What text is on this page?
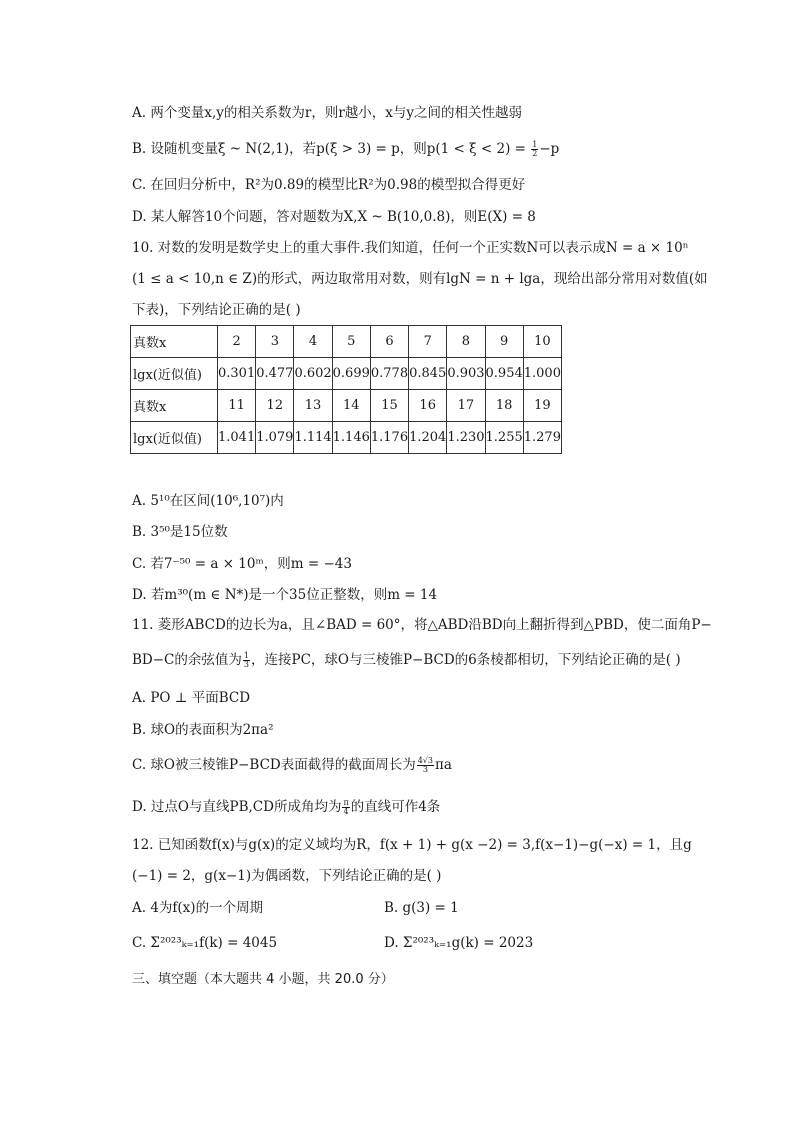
A. 两个变量x,y的相关系数为r，则r越小，x与y之间的相关性越弱
B. 设随机变量ξ ~ N(2,1)，若p(ξ > 3) = p，则$p(1 < \xi < 2) = \frac{1}{2} -p$
C. 在回归分析中，R²为0.89的模型比R²为0.98的模型拟合得更好
D. 某人解答10个问题，答对题数为X,X ~ B(10,0.8)，则E(X) = 8
10. 对数的发明是数学史上的重大事件.我们知道，任何一个正实数N可以表示成N = a × 10ⁿ
(1 ≤ a < 10,n ∈ Z)的形式，两边取常用对数，则有lgN = n + lga，现给出部分常用对数值(如
下表)，下列结论正确的是( )
真数x	2	3	4	5	6	7	8	9	10
lgx(近似值)	0.301	0.477	0.602	0.699	0.778	0.845	0.903	0.954	1.000
真数x	11	12	13	14	15	16	17	18	19
lgx(近似值)	1.041	1.079	1.114	1.146	1.176	1.204	1.230	1.255	1.279
A. 5¹⁰在区间(10⁶,10⁷)内
B. 3⁵⁰是15位数
C. 若7⁻⁵⁰ = a × 10ᵐ，则m = −43
D. 若m³⁰(m ∈ N*)是一个35位正整数，则m = 14
11. 菱形ABCD的边长为a，且∠BAD = 60°，将△ABD沿BD向上翻折得到△PBD，使二面角P−
BD−C的余弦值为 $\frac{1}{3}$ ，连接PC，球O与三棱锥P−BCD的6条棱都相切，下列结论正确的是( )
A. PO ⊥ 平面BCD
B. 球O的表面积为2πa²
C. 球O被三棱锥P−BCD表面截得的截面周长为 $\frac{4√3}{3}$ πa
D. 过点O与直线PB,CD所成角均为 $\frac{\pi}{4}$ 的直线可作4条
12. 已知函数f(x)与g(x)的定义域均为R，f(x + 1) + g(x −2) = 3,f(x−1)−g(−x) = 1，且g
(−1) = 2，g(x−1)为偶函数，下列结论正确的是( )
A. 4为f(x)的一个周期	B. g(3) = 1
C. Σ²⁰²³ₖ₌₁f(k) = 4045	D. Σ²⁰²³ₖ₌₁g(k) = 2023
三、填空题（本大题共 4 小题，共 20.0 分）
